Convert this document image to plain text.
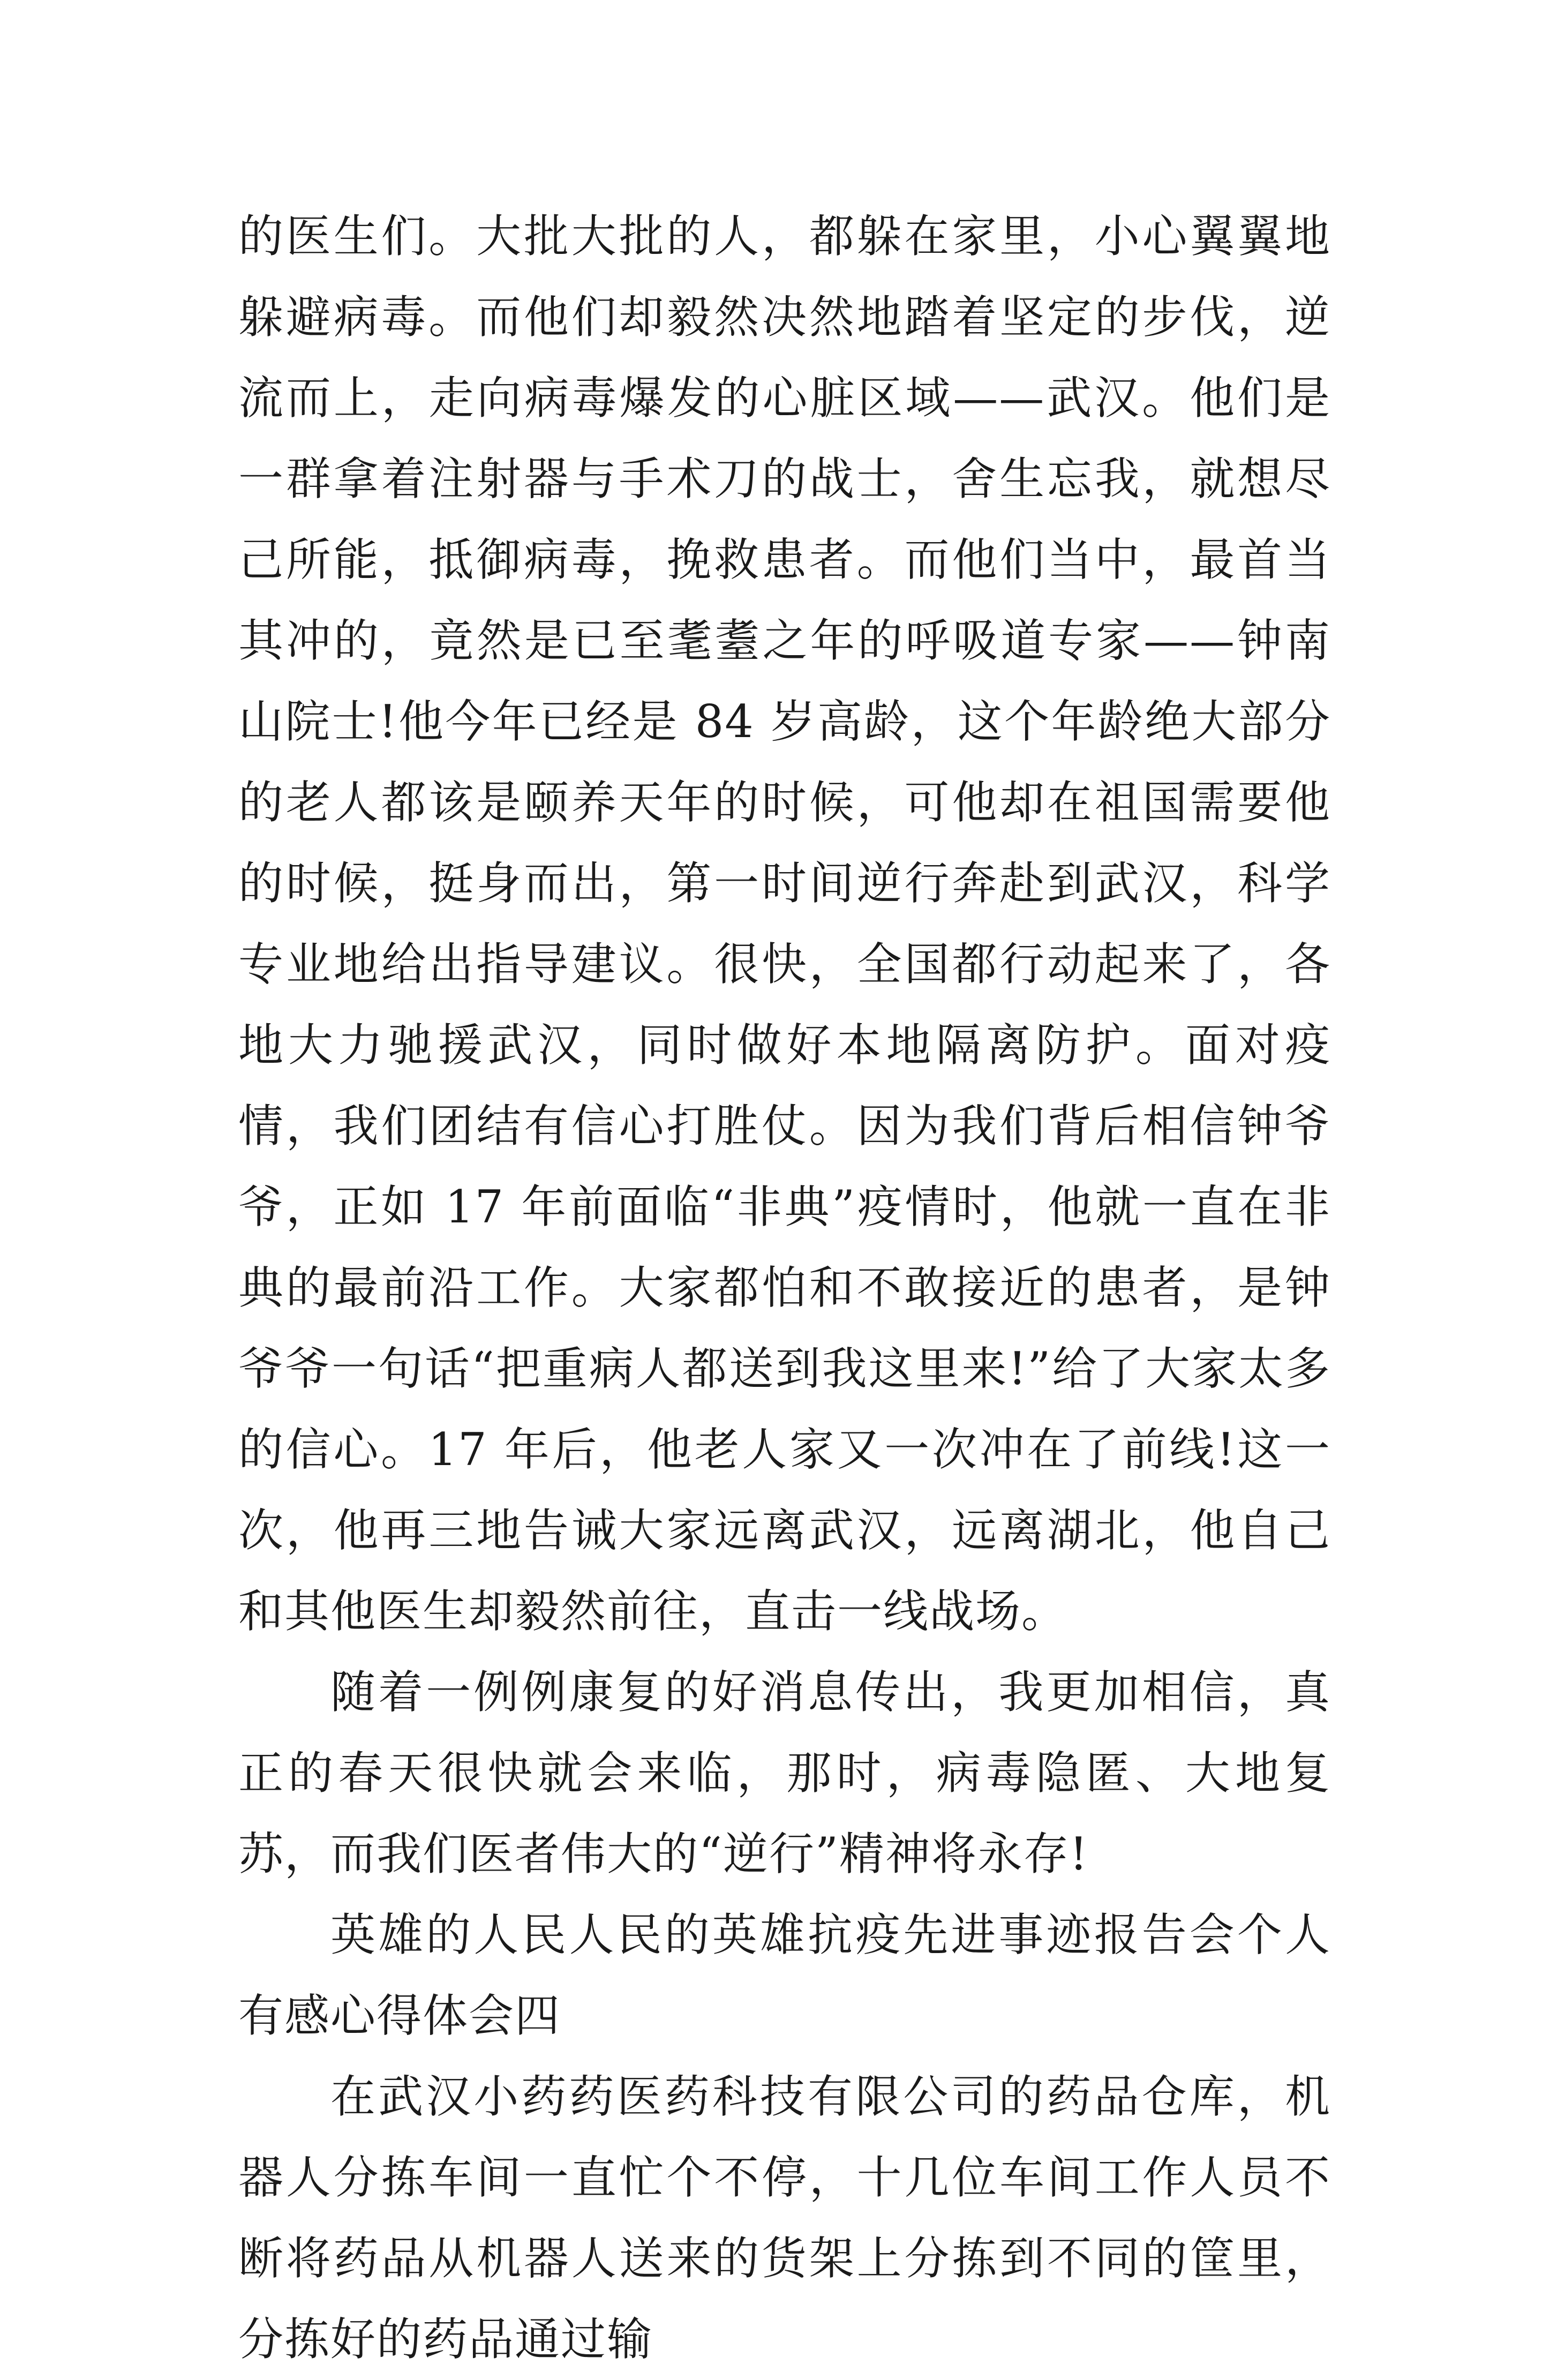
的医生们。大批大批的人，都躲在家里，小心翼翼地躲避病毒。而他们却毅然决然地踏着坚定的步伐，逆流而上，走向病毒爆发的心脏区域——武汉。他们是一群拿着注射器与手术刀的战士，舍生忘我，就想尽己所能，抵御病毒，挽救患者。而他们当中，最首当其冲的，竟然是已至耄耋之年的呼吸道专家——钟南山院士!他今年已经是 84 岁高龄，这个年龄绝大部分的老人都该是颐养天年的时候，可他却在祖国需要他的时候，挺身而出，第一时间逆行奔赴到武汉，科学专业地给出指导建议。很快，全国都行动起来了，各地大力驰援武汉，同时做好本地隔离防护。面对疫情，我们团结有信心打胜仗。因为我们背后相信钟爷爷，正如 17 年前面临“非典”疫情时，他就一直在非典的最前沿工作。大家都怕和不敢接近的患者，是钟爷爷一句话“把重病人都送到我这里来!”给了大家太多的信心。17 年后，他老人家又一次冲在了前线!这一次，他再三地告诫大家远离武汉，远离湖北，他自己和其他医生却毅然前往，直击一线战场。

随着一例例康复的好消息传出，我更加相信，真正的春天很快就会来临，那时，病毒隐匿、大地复苏，而我们医者伟大的“逆行”精神将永存!

英雄的人民人民的英雄抗疫先进事迹报告会个人有感心得体会四

在武汉小药药医药科技有限公司的药品仓库，机器人分拣车间一直忙个不停，十几位车间工作人员不断将药品从机器人送来的货架上分拣到不同的筐里，分拣好的药品通过输
